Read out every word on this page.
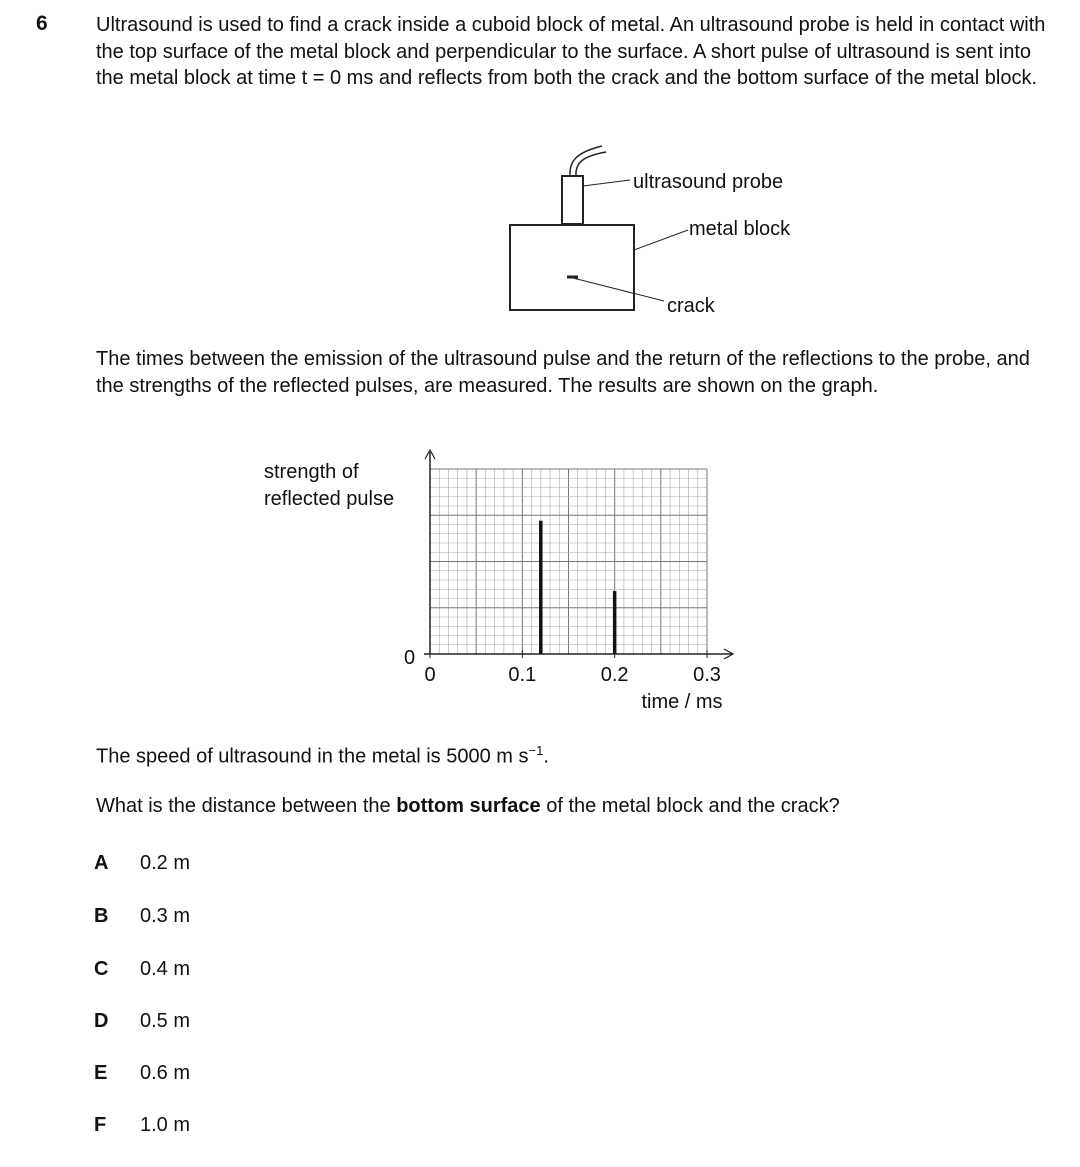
6 Ultrasound is used to find a crack inside a cuboid block of metal. An ultrasound probe is held in contact with the top surface of the metal block and perpendicular to the surface. A short pulse of ultrasound is sent into the metal block at time t = 0 ms and reflects from both the crack and the bottom surface of the metal block.

ultrasound probe
metal block
crack

The times between the emission of the ultrasound pulse and the return of the reflections to the probe, and the strengths of the reflected pulses, are measured. The results are shown on the graph.

0	0.1	0.2	0.3
strength of
reflected pulse
0
time / ms

The speed of ultrasound in the metal is 5000 m $s^{-1}$.

What is the distance between the bottom surface of the metal block and the crack?

A 0.2 m
B 0.3 m
C 0.4 m
D 0.5 m
E 0.6 m
F 1.0 m
